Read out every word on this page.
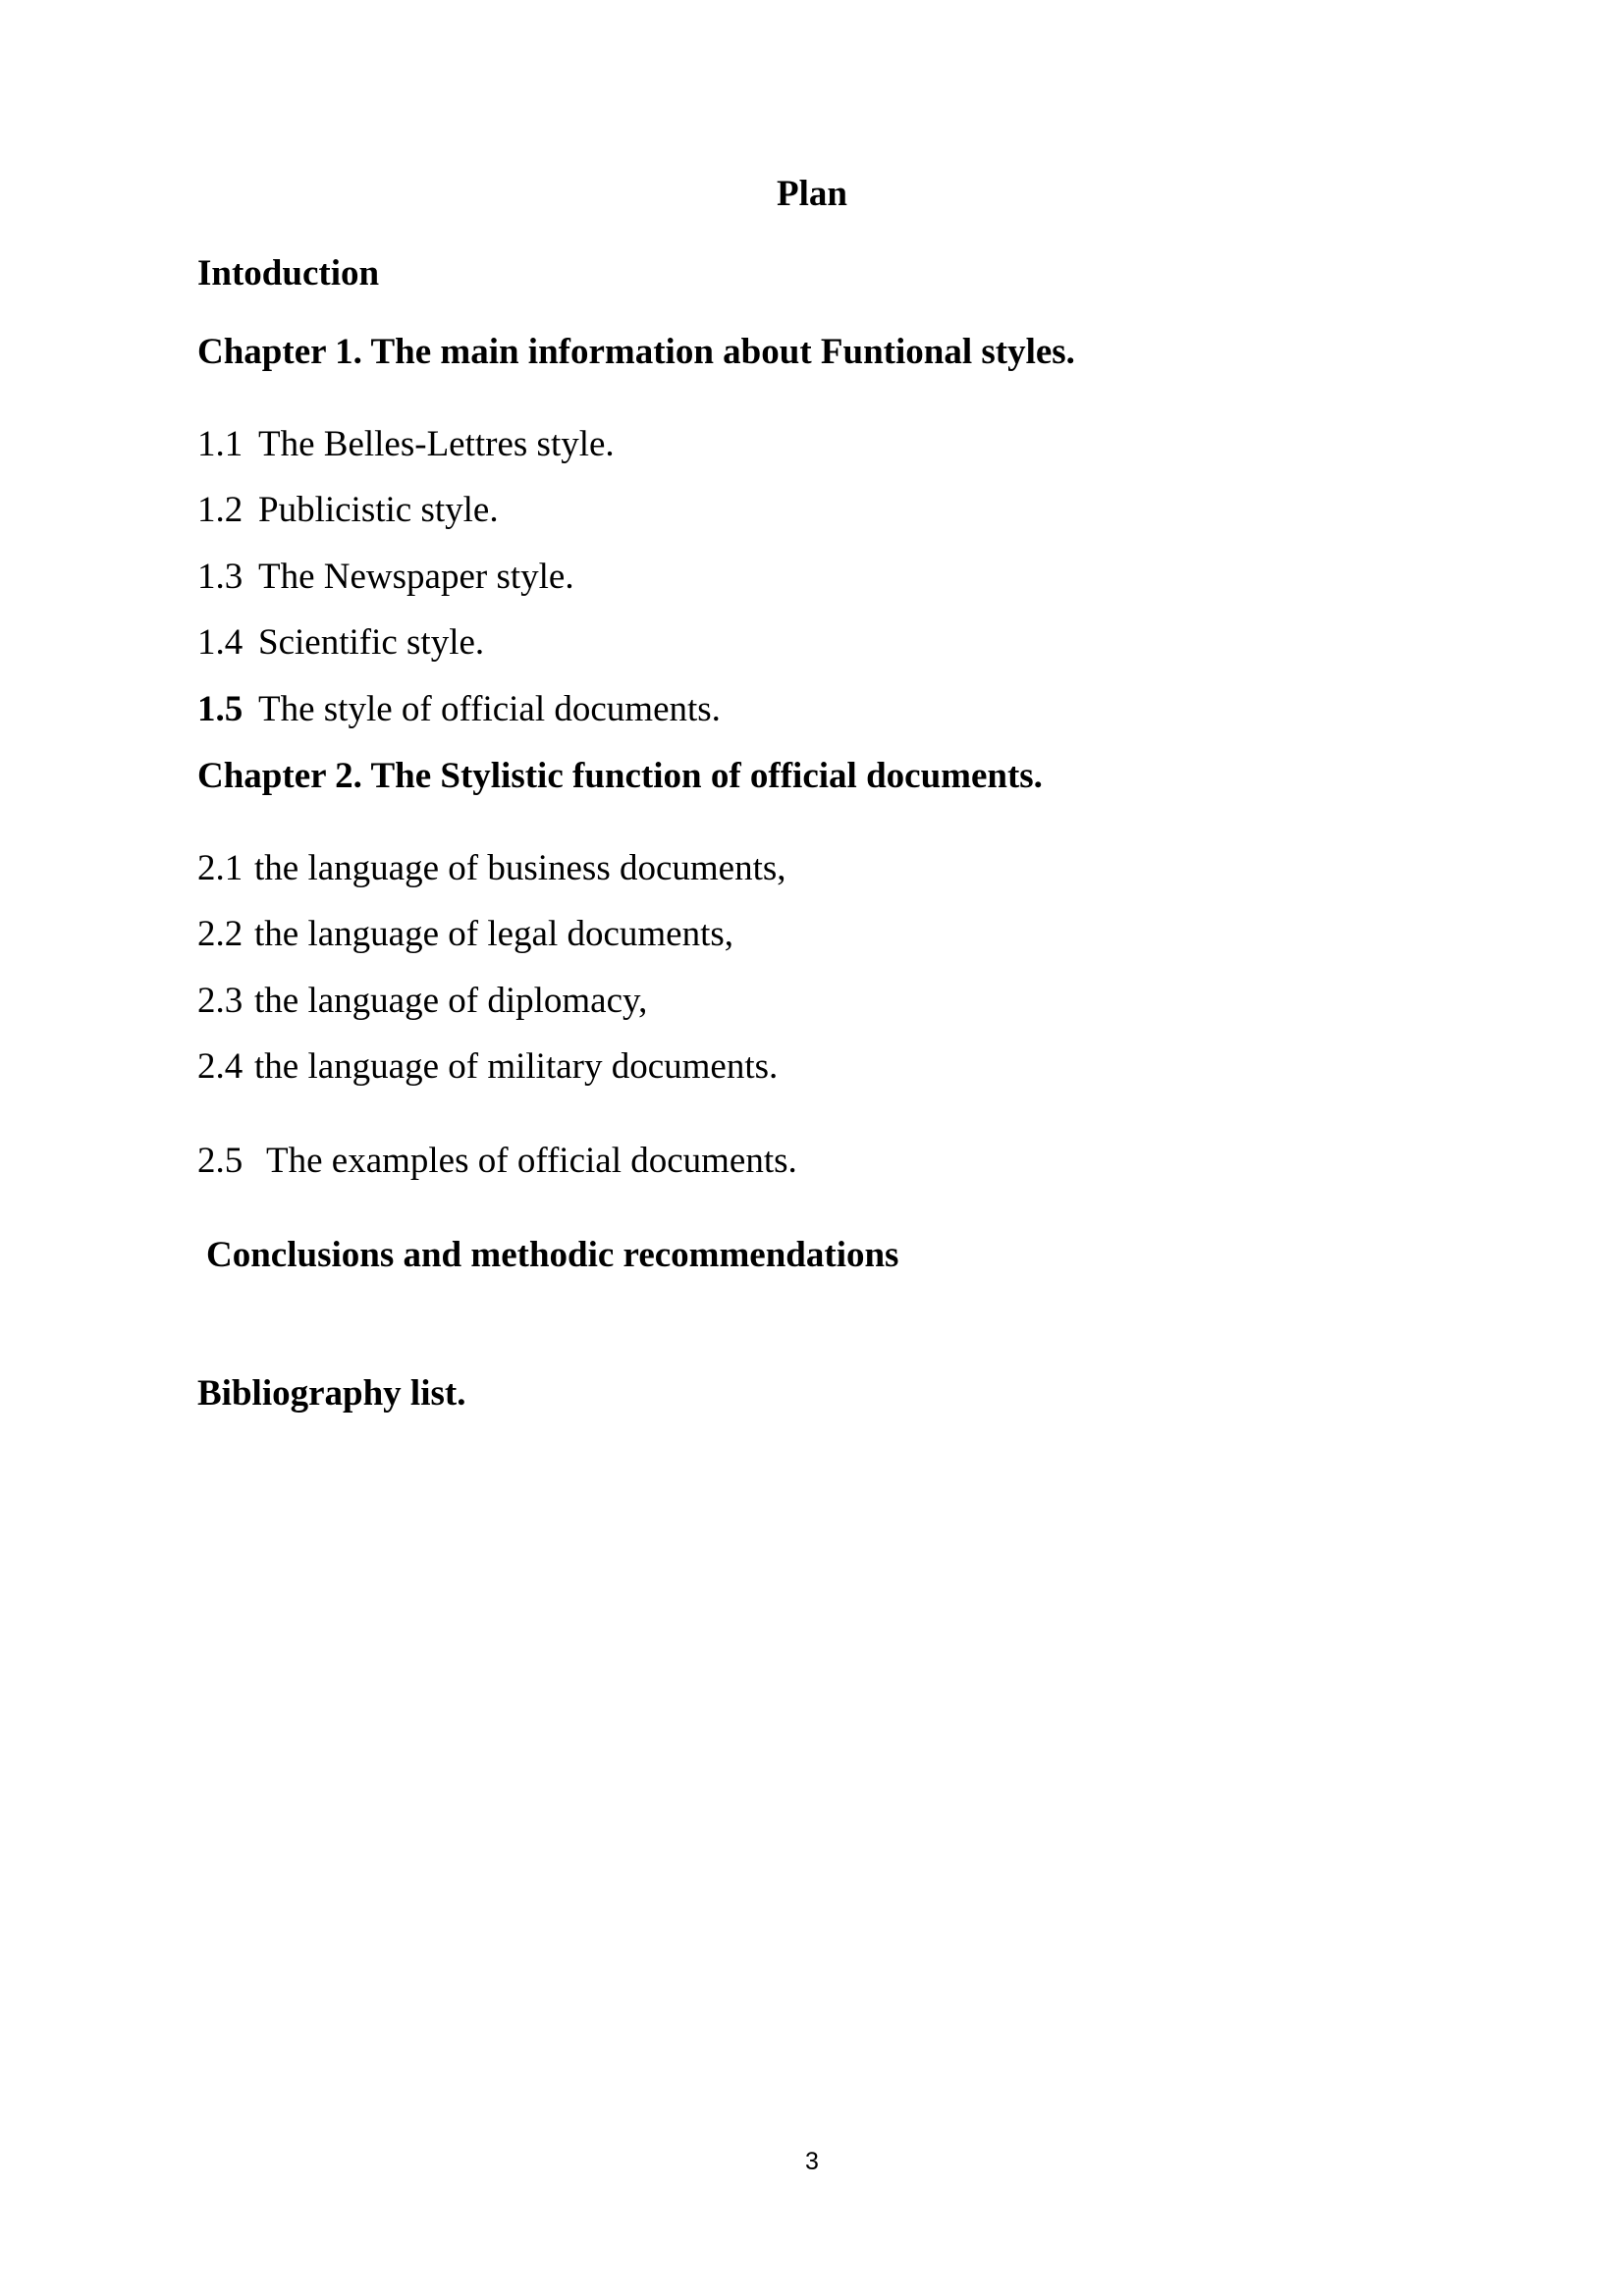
Plan
Intoduction
Chapter 1. The main information about Funtional styles.
1.1 The Belles-Lettres style.
1.2 Publicistic style.
1.3 The Newspaper style.
1.4 Scientific style.
1.5 The style of official documents.
Chapter 2. The Stylistic function of official documents.
2.1 the language of business documents,
2.2 the language of legal documents,
2.3 the language of diplomacy,
2.4 the language of military documents.
2.5 The examples of official documents.
Conclusions and methodic recommendations
Bibliography list.
3
